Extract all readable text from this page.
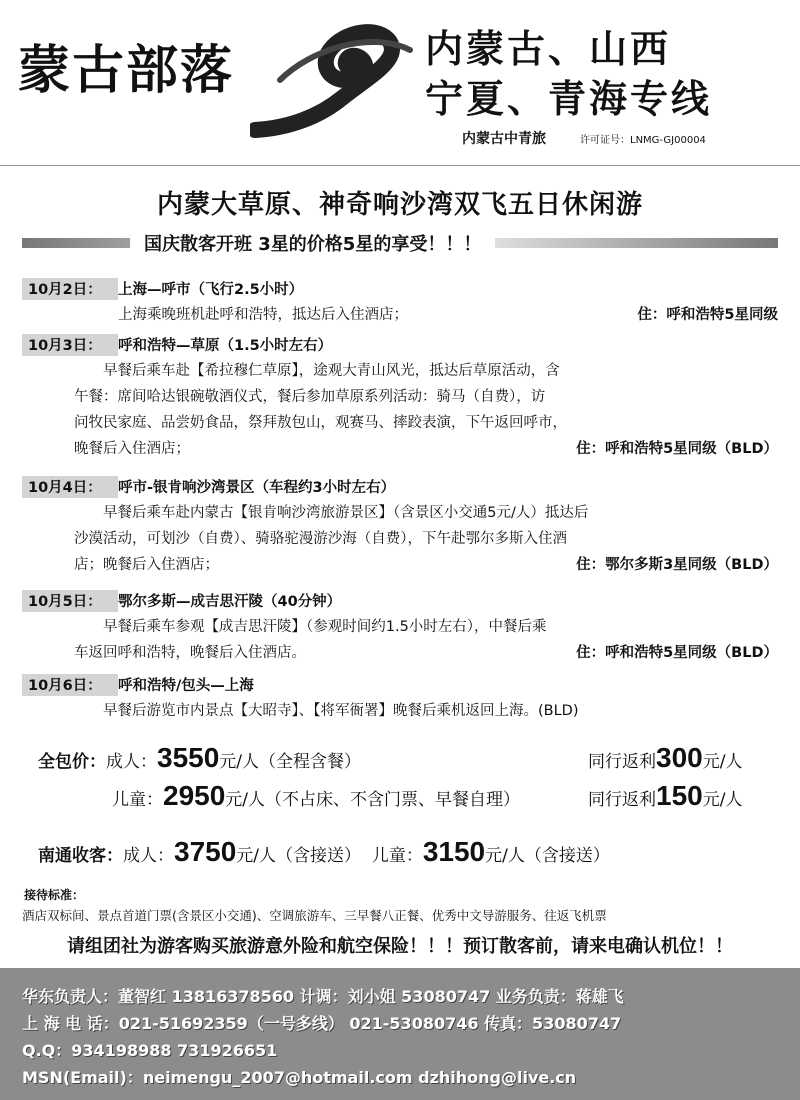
蒙古部落	内蒙古、山西
宁夏、青海专线
内蒙古中青旅	许可证号：LNMG-GJ00004
内蒙大草原、神奇响沙湾双飞五日休闲游
国庆散客开班 3星的价格5星的享受！！！
10月2日：	上海—呼市（飞行2.5小时）
上海乘晚班机赴呼和浩特，抵达后入住酒店；	住：呼和浩特5星同级
10月3日：	呼和浩特—草原（1.5小时左右）
　　早餐后乘车赴【希拉穆仁草原】，途观大青山风光，抵达后草原活动，含
午餐：席间哈达银碗敬酒仪式，餐后参加草原系列活动：骑马（自费），访
问牧民家庭、品尝奶食品，祭拜敖包山，观赛马、摔跤表演，下午返回呼市，
晚餐后入住酒店；	住：呼和浩特5星同级（BLD）
10月4日：	呼市-银肯响沙湾景区（车程约3小时左右）
　　早餐后乘车赴内蒙古【银肯响沙湾旅游景区】（含景区小交通5元/人）抵达后
沙漠活动，可划沙（自费）、骑骆驼漫游沙海（自费），下午赴鄂尔多斯入住酒
店；晚餐后入住酒店；	住：鄂尔多斯3星同级（BLD）
10月5日：	鄂尔多斯—成吉思汗陵（40分钟）
　　早餐后乘车参观【成吉思汗陵】（参观时间约1.5小时左右），中餐后乘
车返回呼和浩特，晚餐后入住酒店。	住：呼和浩特5星同级（BLD）
10月6日：	呼和浩特/包头—上海
　　早餐后游览市内景点【大昭寺】、【将军衙署】晚餐后乘机返回上海。(BLD)
全包价：成人：3550元/人（全程含餐）	同行返利300元/人
儿童：2950元/人（不占床、不含门票、早餐自理）	同行返利150元/人
南通收客：成人：3750元/人（含接送） 儿童：3150元/人（含接送）
接待标准：
酒店双标间、景点首道门票(含景区小交通)、空调旅游车、三早餐八正餐、优秀中文导游服务、往返飞机票
请组团社为游客购买旅游意外险和航空保险！！！预订散客前，请来电确认机位！！
华东负责人：董智红 13816378560 计调：刘小姐 53080747 业务负责：蒋雄飞
上 海 电 话：021-51692359（一号多线） 021-53080746 传真：53080747
Q.Q：934198988 731926651
MSN(Email)：neimengu_2007@hotmail.com dzhihong@live.cn
